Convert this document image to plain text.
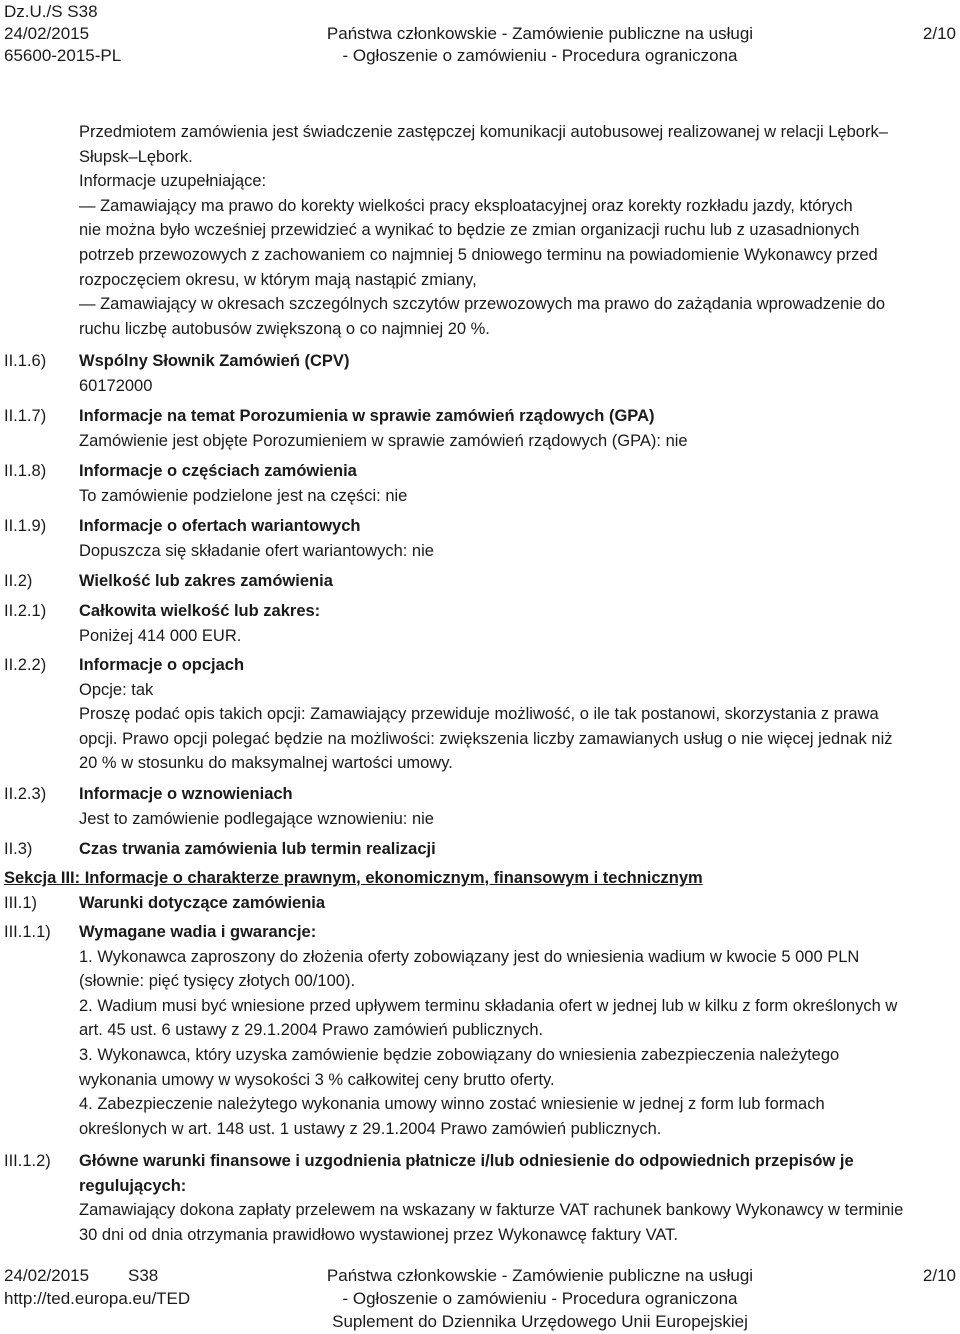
Dz.U./S S38
24/02/2015
65600-2015-PL
Państwa członkowskie - Zamówienie publiczne na usługi
- Ogłoszenie o zamówieniu - Procedura ograniczona
2/10
Przedmiotem zamówienia jest świadczenie zastępczej komunikacji autobusowej realizowanej w relacji Lębork–
Słupsk–Lębork.
Informacje uzupełniające:
— Zamawiający ma prawo do korekty wielkości pracy eksploatacyjnej oraz korekty rozkładu jazdy, których
nie można było wcześniej przewidzieć a wynikać to będzie ze zmian organizacji ruchu lub z uzasadnionych
potrzeb przewozowych z zachowaniem co najmniej 5 dniowego terminu na powiadomienie Wykonawcy przed
rozpoczęciem okresu, w którym mają nastąpić zmiany,
— Zamawiający w okresach szczególnych szczytów przewozowych ma prawo do zażądania wprowadzenie do
ruchu liczbę autobusów zwiększoną o co najmniej 20 %.
II.1.6) Wspólny Słownik Zamówień (CPV)
60172000
II.1.7) Informacje na temat Porozumienia w sprawie zamówień rządowych (GPA)
Zamówienie jest objęte Porozumieniem w sprawie zamówień rządowych (GPA): nie
II.1.8) Informacje o częściach zamówienia
To zamówienie podzielone jest na części: nie
II.1.9) Informacje o ofertach wariantowych
Dopuszcza się składanie ofert wariantowych: nie
II.2)	Wielkość lub zakres zamówienia
II.2.1) Całkowita wielkość lub zakres:
Poniżej 414 000 EUR.
II.2.2) Informacje o opcjach
Opcje: tak
Proszę podać opis takich opcji: Zamawiający przewiduje możliwość, o ile tak postanowi, skorzystania z prawa
opcji. Prawo opcji polegać będzie na możliwości: zwiększenia liczby zamawianych usług o nie więcej jednak niż
20 % w stosunku do maksymalnej wartości umowy.
II.2.3) Informacje o wznowieniach
Jest to zamówienie podlegające wznowieniu: nie
II.3)	Czas trwania zamówienia lub termin realizacji
Sekcja III: Informacje o charakterze prawnym, ekonomicznym, finansowym i technicznym
III.1)	Warunki dotyczące zamówienia
III.1.1) Wymagane wadia i gwarancje:
1. Wykonawca zaproszony do złożenia oferty zobowiązany jest do wniesienia wadium w kwocie 5 000 PLN
(słownie: pięć tysięcy złotych 00/100).
2. Wadium musi być wniesione przed upływem terminu składania ofert w jednej lub w kilku z form określonych w
art. 45 ust. 6 ustawy z 29.1.2004 Prawo zamówień publicznych.
3. Wykonawca, który uzyska zamówienie będzie zobowiązany do wniesienia zabezpieczenia należytego
wykonania umowy w wysokości 3 % całkowitej ceny brutto oferty.
4. Zabezpieczenie należytego wykonania umowy winno zostać wniesienie w jednej z form lub formach
określonych w art. 148 ust. 1 ustawy z 29.1.2004 Prawo zamówień publicznych.
III.1.2) Główne warunki finansowe i uzgodnienia płatnicze i/lub odniesienie do odpowiednich przepisów je
regulujących:
Zamawiający dokona zapłaty przelewem na wskazany w fakturze VAT rachunek bankowy Wykonawcy w terminie
30 dni od dnia otrzymania prawidłowo wystawionej przez Wykonawcę faktury VAT.
24/02/2015 S38
http://ted.europa.eu/TED
Państwa członkowskie - Zamówienie publiczne na usługi
- Ogłoszenie o zamówieniu - Procedura ograniczona
Suplement do Dziennika Urzędowego Unii Europejskiej
2/10
